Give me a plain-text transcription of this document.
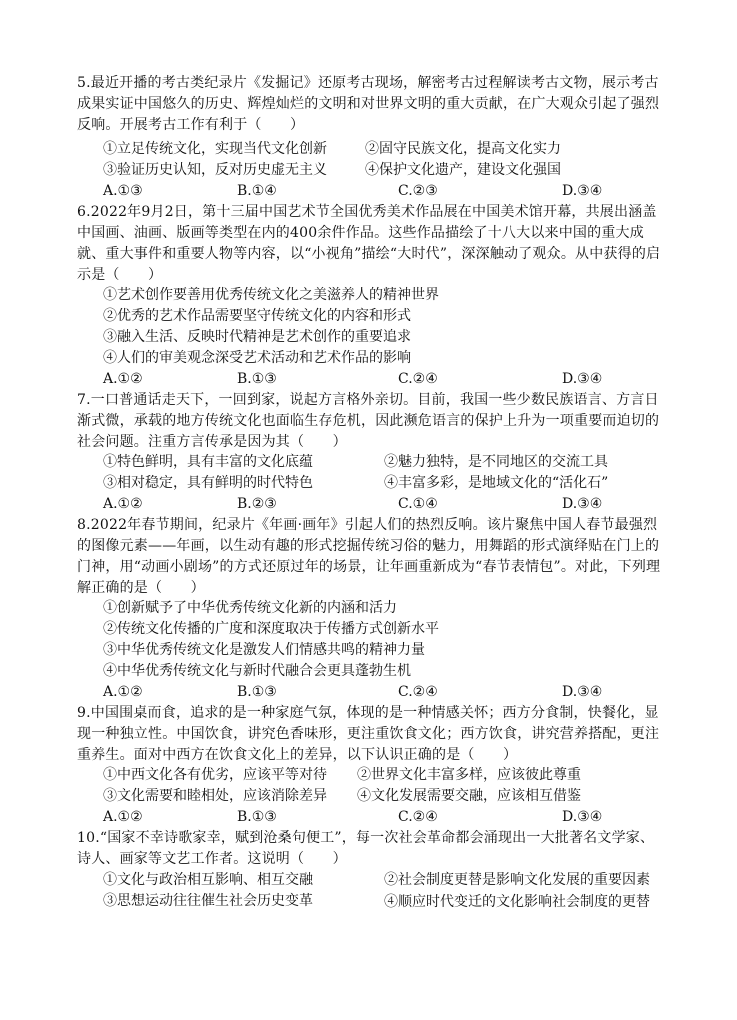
5.最近开播的考古类纪录片《发掘记》还原考古现场，解密考古过程解读考古文物，展示考古成果实证中国悠久的历史、辉煌灿烂的文明和对世界文明的重大贡献，在广大观众引起了强烈反响。开展考古工作有利于（　　）
①立足传统文化，实现当代文化创新	②固守民族文化，提高文化实力
③验证历史认知，反对历史虚无主义	④保护文化遗产，建设文化强国
A.①③	B.①④	C.②③	D.③④
6.2022年9月2日，第十三届中国艺术节全国优秀美术作品展在中国美术馆开幕，共展出涵盖中国画、油画、版画等类型在内的400余件作品。这些作品描绘了十八大以来中国的重大成就、重大事件和重要人物等内容，以“小视角”描绘“大时代”，深深触动了观众。从中获得的启示是（　　）
①艺术创作要善用优秀传统文化之美滋养人的精神世界
②优秀的艺术作品需要坚守传统文化的内容和形式
③融入生活、反映时代精神是艺术创作的重要追求
④人们的审美观念深受艺术活动和艺术作品的影响
A.①②	B.①③	C.②④	D.③④
7.一口普通话走天下，一回到家，说起方言格外亲切。目前，我国一些少数民族语言、方言日渐式微，承载的地方传统文化也面临生存危机，因此濒危语言的保护上升为一项重要而迫切的社会问题。注重方言传承是因为其（　　）
①特色鲜明，具有丰富的文化底蕴	②魅力独特，是不同地区的交流工具
③相对稳定，具有鲜明的时代特色	④丰富多彩，是地域文化的“活化石”
A.①②	B.②③	C.①④	D.③④
8.2022年春节期间，纪录片《年画·画年》引起人们的热烈反响。该片聚焦中国人春节最强烈的图像元素——年画，以生动有趣的形式挖掘传统习俗的魅力，用舞蹈的形式演绎贴在门上的门神，用“动画小剧场”的方式还原过年的场景，让年画重新成为“春节表情包”。对此，下列理解正确的是（　　）
①创新赋予了中华优秀传统文化新的内涵和活力
②传统文化传播的广度和深度取决于传播方式创新水平
③中华优秀传统文化是激发人们情感共鸣的精神力量
④中华优秀传统文化与新时代融合会更具蓬勃生机
A.①②	B.①③	C.②④	D.③④
9.中国围桌而食，追求的是一种家庭气氛，体现的是一种情感关怀；西方分食制，快餐化，显现一种独立性。中国饮食，讲究色香味形，更注重饮食文化；西方饮食，讲究营养搭配，更注重养生。面对中西方在饮食文化上的差异，以下认识正确的是（　　）
①中西文化各有优劣，应该平等对待 ②世界文化丰富多样，应该彼此尊重
③文化需要和睦相处，应该消除差异 ④文化发展需要交融，应该相互借鉴
A.①②	B.①③	C.②④	D.③④
10.“国家不幸诗歌家幸，赋到沧桑句便工”，每一次社会革命都会涌现出一大批著名文学家、诗人、画家等文艺工作者。这说明（　　）
①文化与政治相互影响、相互交融	②社会制度更替是影响文化发展的重要因素
③思想运动往往催生社会历史变革	④顺应时代变迁的文化影响社会制度的更替
